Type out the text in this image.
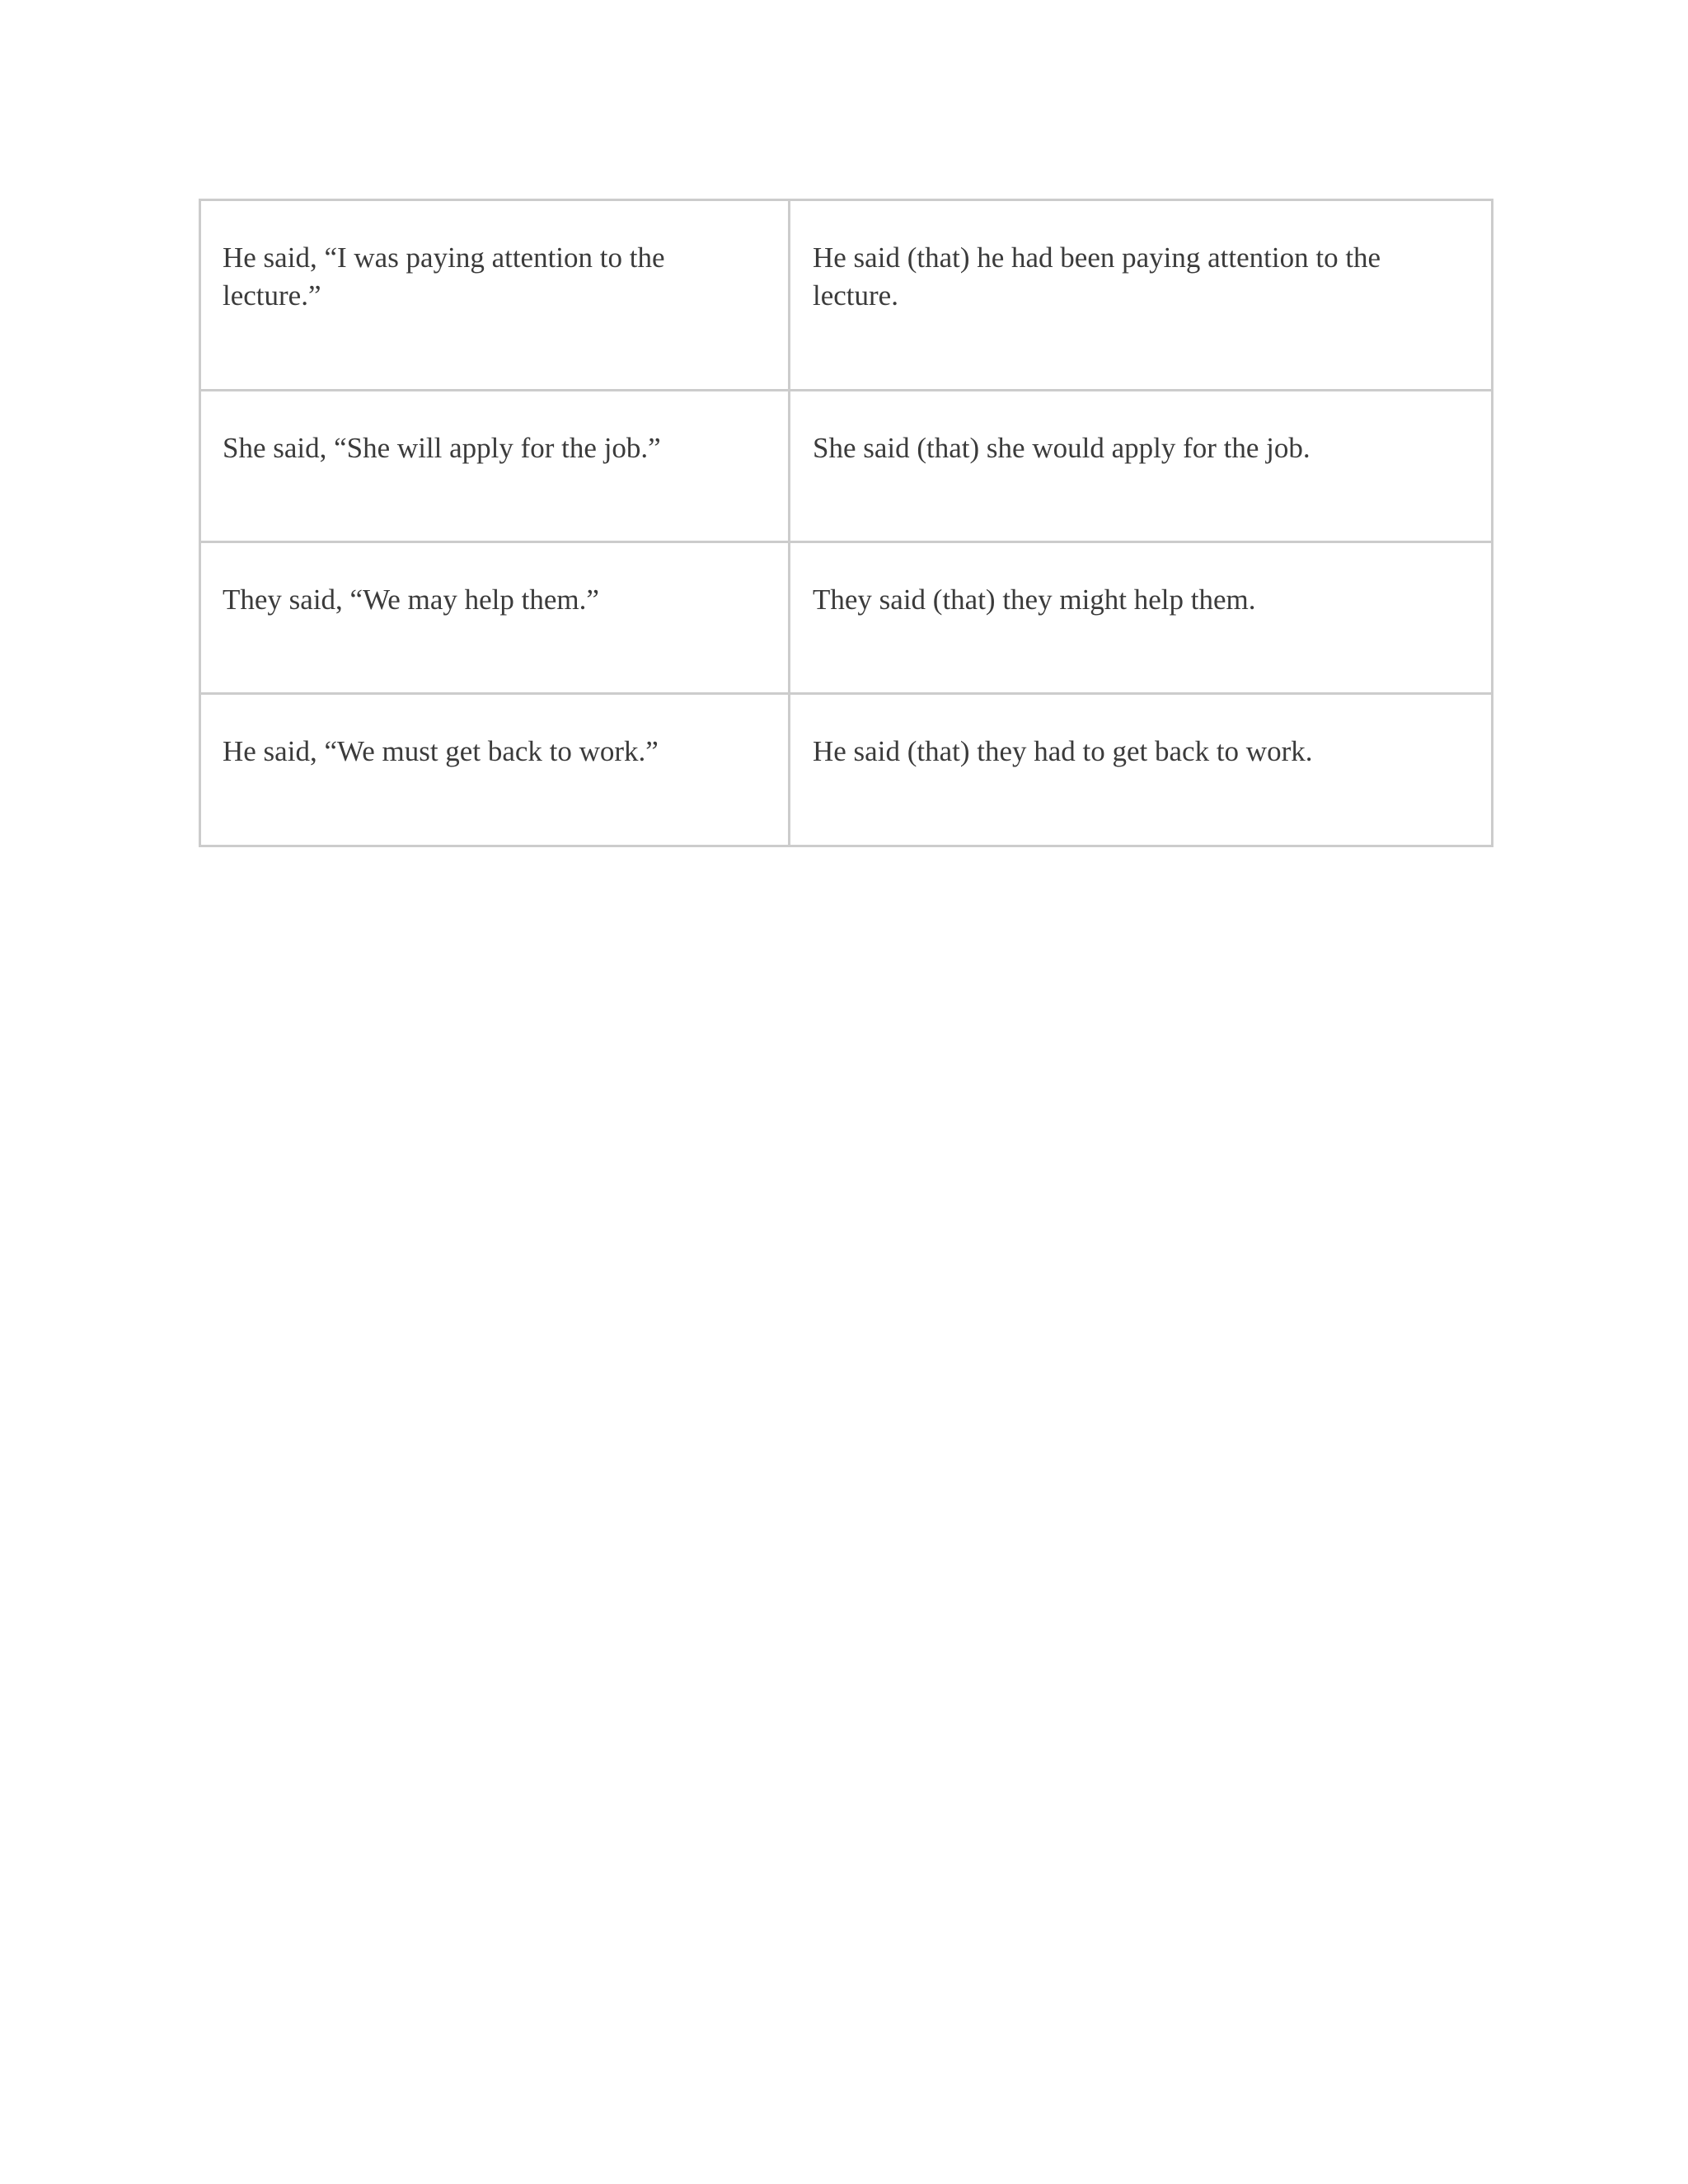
He said, “I was paying attention to the lecture.”	He said (that) he had been paying attention to the lecture.
She said, “She will apply for the job.”	She said (that) she would apply for the job.
They said, “We may help them.”	They said (that) they might help them.
He said, “We must get back to work.”	He said (that) they had to get back to work.
